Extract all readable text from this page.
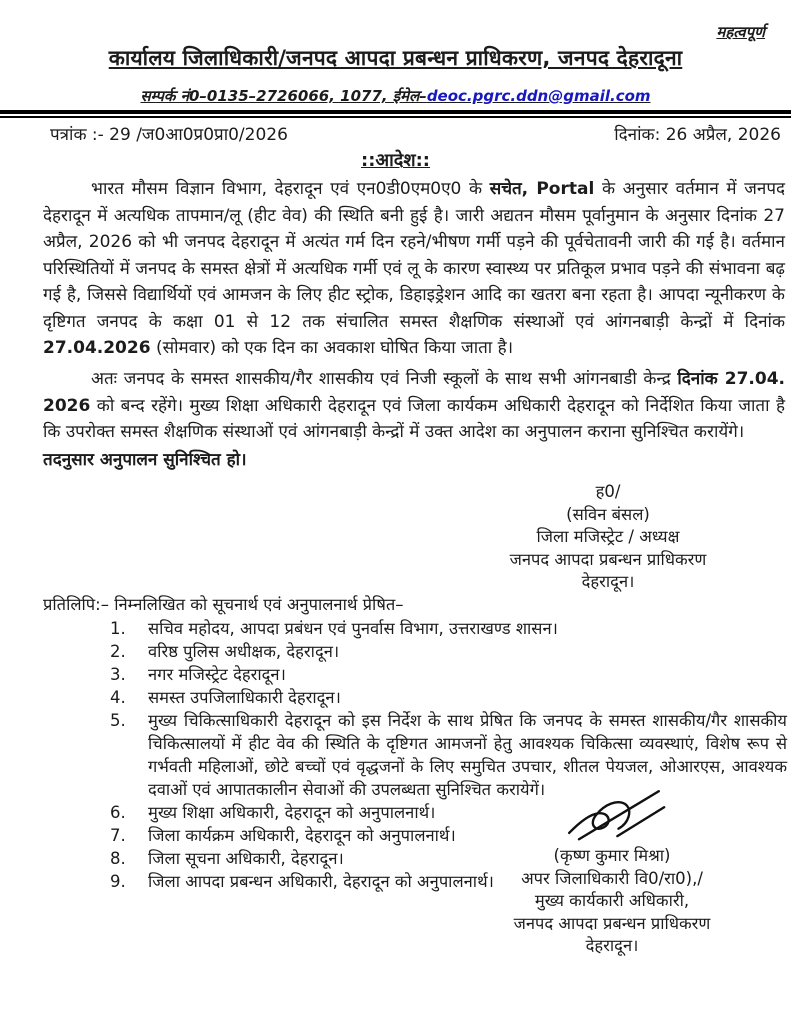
महत्वपूर्ण
कार्यालय जिलाधिकारी/जनपद आपदा प्रबन्धन प्राधिकरण, जनपद देहरादूना
सम्पर्क नं0–0135–2726066, 1077, ईमेल–deoc.pgrc.ddn@gmail.com
पत्रांक :- 29 /ज0आ0प्र0प्रा0/2026	दिनांक: 26 अप्रैल, 2026
::आदेश::
भारत मौसम विज्ञान विभाग, देहरादून एवं एन0डी0एम0ए0 के सचेत, Portal के अनुसार वर्तमान में जनपद देहरादून में अत्यधिक तापमान/लू (हीट वेव) की स्थिति बनी हुई है। जारी अद्यतन मौसम पूर्वानुमान के अनुसार दिनांक 27 अप्रैल, 2026 को भी जनपद देहरादून में अत्यंत गर्म दिन रहने/भीषण गर्मी पड़ने की पूर्वचेतावनी जारी की गई है। वर्तमान परिस्थितियों में जनपद के समस्त क्षेत्रों में अत्यधिक गर्मी एवं लू के कारण स्वास्थ्य पर प्रतिकूल प्रभाव पड़ने की संभावना बढ़ गई है, जिससे विद्यार्थियों एवं आमजन के लिए हीट स्ट्रोक, डिहाइड्रेशन आदि का खतरा बना रहता है। आपदा न्यूनीकरण के दृष्टिगत जनपद के कक्षा 01 से 12 तक संचालित समस्त शैक्षणिक संस्थाओं एवं आंगनबाड़ी केन्द्रों में दिनांक 27.04.2026 (सोमवार) को एक दिन का अवकाश घोषित किया जाता है।
अतः जनपद के समस्त शासकीय/गैर शासकीय एवं निजी स्कूलों के साथ सभी आंगनबाडी केन्द्र दिनांक 27.04. 2026 को बन्द रहेंगे। मुख्य शिक्षा अधिकारी देहरादून एवं जिला कार्यकम अधिकारी देहरादून को निर्देशित किया जाता है कि उपरोक्त समस्त शैक्षणिक संस्थाओं एवं आंगनबाड़ी केन्द्रों में उक्त आदेश का अनुपालन कराना सुनिश्चित करायेंगे।
तदनुसार अनुपालन सुनिश्चित हो।
ह0/
(सविन बंसल)
जिला मजिस्ट्रेट / अध्यक्ष
जनपद आपदा प्रबन्धन प्राधिकरण
देहरादून।
प्रतिलिपि:– निम्नलिखित को सूचनार्थ एवं अनुपालनार्थ प्रेषित–
1.	सचिव महोदय, आपदा प्रबंधन एवं पुनर्वास विभाग, उत्तराखण्ड शासन।
2.	वरिष्ठ पुलिस अधीक्षक, देहरादून।
3.	नगर मजिस्ट्रेट देहरादून।
4.	समस्त उपजिलाधिकारी देहरादून।
5.	मुख्य चिकित्साधिकारी देहरादून को इस निर्देश के साथ प्रेषित कि जनपद के समस्त शासकीय/गैर शासकीय चिकित्सालयों में हीट वेव की स्थिति के दृष्टिगत आमजनों हेतु आवश्यक चिकित्सा व्यवस्थाएं, विशेष रूप से गर्भवती महिलाओं, छोटे बच्चों एवं वृद्धजनों के लिए समुचित उपचार, शीतल पेयजल, ओआरएस, आवश्यक दवाओं एवं आपातकालीन सेवाओं की उपलब्धता सुनिश्चित करायेगें।
6.	मुख्य शिक्षा अधिकारी, देहरादून को अनुपालनार्थ।
7.	जिला कार्यक्रम अधिकारी, देहरादून को अनुपालनार्थ।
8.	जिला सूचना अधिकारी, देहरादून।
9.	जिला आपदा प्रबन्धन अधिकारी, देहरादून को अनुपालनार्थ।
(कृष्ण कुमार मिश्रा)
अपर जिलाधिकारी वि0/रा0),/
मुख्य कार्यकारी अधिकारी,
जनपद आपदा प्रबन्धन प्राधिकरण
देहरादून।
